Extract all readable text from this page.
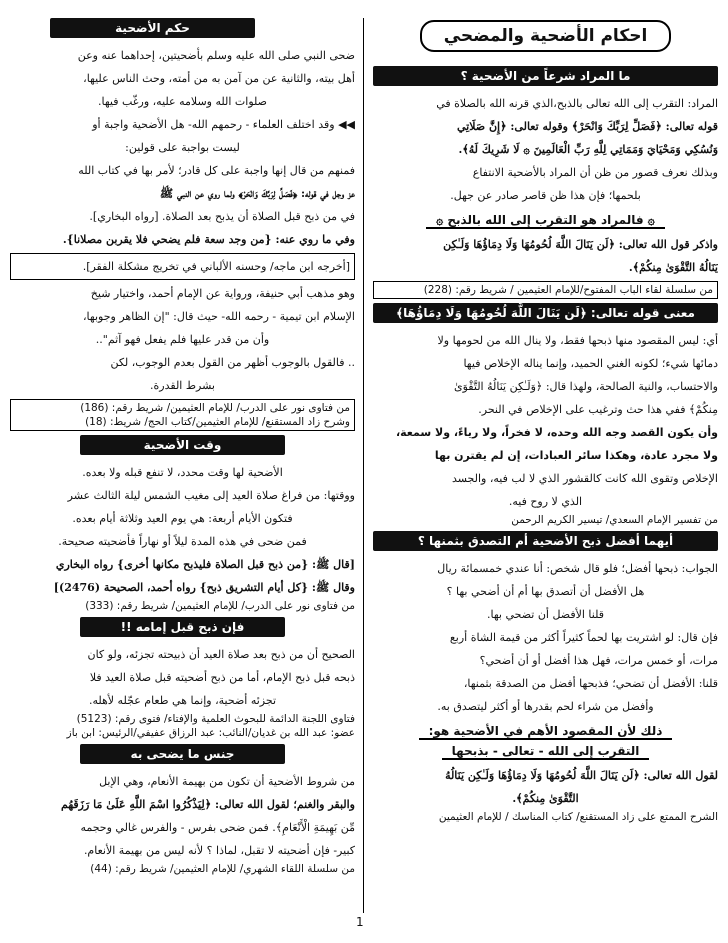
احكام الأضحية والمضحي
ما المراد شرعاً من الأضحية ؟

المراد: التقرب إلى الله تعالى بالذبح،الذي قرنه الله بالصلاة في

قوله تعالى: ﴿فَصَلِّ لِرَبِّكَ وَانْحَرْ﴾ وقوله تعالى: ﴿إِنَّ صَلَاتِي

وَنُسُكِي وَمَحْيَايَ وَمَمَاتِي لِلَّهِ رَبِّ الْعَالَمِينَ ۞ لَا شَرِيكَ لَهُ﴾.

وبذلك نعرف قصور من ظن أن المراد بالأضحية الانتفاع

بلحمها؛ فإن هذا ظن قاصر صادر عن جهل.

۞ فالمراد هو التقرب إلى الله بالذبح ۞

واذكر قول الله تعالى: ﴿لَن يَنَالَ اللَّهَ لُحُومُهَا وَلَا دِمَاؤُهَا وَلَـٰكِن

يَنَالُهُ التَّقْوَىٰ مِنكُمْ﴾.

من سلسلة لقاء الباب المفتوح/للإمام العثيمين / شريط رقم: (228)
معنى قوله تعالى: ﴿لَن يَنَالَ اللَّهَ لُحُومُهَا وَلَا دِمَاؤُهَا﴾

أي: ليس المقصود منها ذبحها فقط، ولا ينال الله من لحومها ولا

دمائها شيء؛ لكونه الغني الحميد، وإنما يناله الإخلاص فيها

والاحتساب، والنية الصالحة، ولهذا قال: ﴿وَلَـٰكِن يَنَالُهُ التَّقْوَىٰ

مِنكُمْ﴾ ففي هذا حث وترغيب على الإخلاص في النحر.

وأن يكون القصد وجه الله وحده، لا فخراً، ولا رياءً، ولا سمعة،

ولا مجرد عادة، وهكذا سائر العبادات، إن لم يقترن بها

الإخلاص وتقوى الله كانت كالقشور الذي لا لب فيه، والجسد

الذي لا روح فيه.

من تفسير الإمام السعدي/ تيسير الكريم الرحمن
أيهما أفضل ذبح الأضحية أم التصدق بثمنها ؟

الجواب: ذبحها أفضل؛ فلو قال شخص: أنا عندي خمسمائة ريال

هل الأفضل أن أتصدق بها أم أن أضحي بها ؟

قلنا الأفضل أن تضحي بها.

فإن قال: لو اشتريت بها لحماً كثيراً أكثر من قيمة الشاة أربع

مرات، أو خمس مرات، فهل هذا أفضل أو أن أضحي؟

قلنا: الأفضل أن تضحي؛ فذبحها أفضل من الصدقة بثمنها،

وأفضل من شراء لحم بقدرها أو أكثر ليتصدق به.

ذلك لأن المقصود الأهم في الأضحية هو:
التقرب إلى الله - تعالى - بذبحها

لقول الله تعالى: ﴿لَن يَنَالَ اللَّهَ لُحُومُهَا وَلَا دِمَاؤُهَا وَلَـٰكِن يَنَالُهُ

التَّقْوَىٰ مِنكُمْ﴾.

الشرح الممتع على زاد المستقنع/ كتاب المناسك / للإمام العثيمين
حكم الأضحية

ضحى النبي صلى الله عليه وسلم بأضحيتين، إحداهما عنه وعن

أهل بيته، والثانية عن من آمن به من أمته، وحث الناس عليها،

صلوات الله وسلامه عليه، ورغّب فيها.

◀◀ وقد اختلف العلماء - رحمهم الله- هل الأضحية واجبة أو

ليست بواجبة على قولين:

فمنهم من قال إنها واجبة على كل قادر؛ لأمر بها في كتاب الله

عز وجل في قوله: ﴿فَصَلِّ لِرَبِّكَ وَانْحَرْ﴾ ولما روي عن النبي ﷺ

في من ذبح قبل الصلاة أن يذبح بعد الصلاة. [رواه البخاري].

وفي ما روي عنه: {من وجد سعة فلم يضحي فلا يقربن مصلانا}.

[أخرجه ابن ماجه/ وحسنه الألباني في تخريج مشكلة الفقر].

وهو مذهب أبي حنيفة، ورواية عن الإمام أحمد، واختيار شيخ

الإسلام ابن تيمية - رحمه الله- حيث قال: "إن الظاهر وجوبها،

وأن من قدر عليها فلم يفعل فهو آثم"..

.. فالقول بالوجوب أظهر من القول بعدم الوجوب، لكن

بشرط القدرة.

من فتاوى نور على الدرب/ للإمام العثيمين/ شريط رقم: (186)
وشرح زاد المستقنع/ للإمام العثيمين/كتاب الحج/ شريط: (18)
وقت الأضحية

الأضحية لها وقت محدد، لا تنفع قبله ولا بعده.

ووقتها: من فراغ صلاة العيد إلى مغيب الشمس ليلة الثالث عشر

فتكون الأيام أربعة: هي يوم العيد وثلاثة أيام بعده.

فمن ضحى في هذه المدة ليلاً أو نهاراً فأضحيته صحيحة.

[قال ﷺ: {من ذبح قبل الصلاة فليذبح مكانها أخرى} رواه البخاري

وقال ﷺ: {كل أيام التشريق ذبح} رواه أحمد، الصحيحة (2476)]

من فتاوى نور على الدرب/ للإمام العثيمين/ شريط رقم: (333)
فإن ذبح قبل إمامه !!

الصحيح أن من ذبح بعد صلاة العيد أن ذبيحته تجزئه، ولو كان

ذبحه قبل ذبح الإمام، أما من ذبح أضحيته قبل صلاة العيد فلا

تجزئه أضحية، وإنما هي طعام عجّله لأهله.

فتاوى اللجنة الدائمة للبحوث العلمية والإفتاء/ فتوى رقم: (5123)
عضو: عبد الله بن غديان/النائب: عبد الرزاق عفيفي/الرئيس: ابن باز
جنس ما يضحى به

من شروط الأضحية أن تكون من بهيمة الأنعام، وهي الإبل

والبقر والغنم؛ لقول الله تعالى: ﴿لِيَذْكُرُوا اسْمَ اللَّهِ عَلَىٰ مَا رَزَقَهُم

مِّن بَهِيمَةِ الْأَنْعَامِ﴾. فمن ضحى بفرس - والفرس غالي وحجمه

كبير- فإن أضحيته لا تقبل، لماذا ؟ لأنه ليس من بهيمة الأنعام.

من سلسلة اللقاء الشهري/ للإمام العثيمين/ شريط رقم: (44)
1
